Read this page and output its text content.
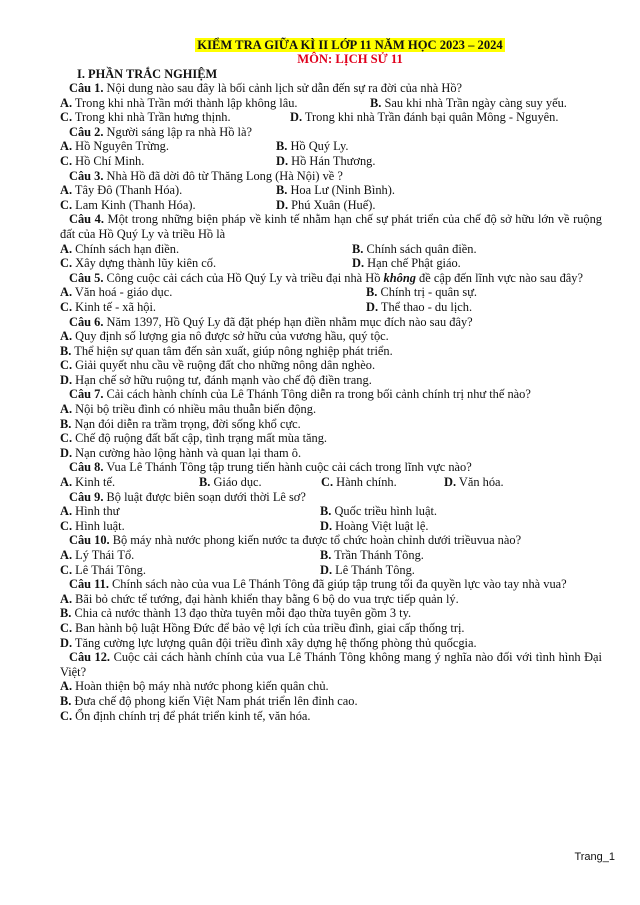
KIỂM TRA GIỮA KÌ II LỚP 11 NĂM HỌC 2023 – 2024
MÔN: LỊCH SỬ 11
I. PHẦN TRẮC NGHIỆM
Câu 1. Nội dung nào sau đây là bối cảnh lịch sử dẫn đến sự ra đời của nhà Hồ?
A. Trong khi nhà Trần mới thành lập không lâu.	B. Sau khi nhà Trần ngày càng suy yếu.
C. Trong khi nhà Trần hưng thịnh.	D. Trong khi nhà Trần đánh bại quân Mông - Nguyên.
Câu 2. Người sáng lập ra nhà Hồ là?
A. Hồ Nguyên Trừng.	B. Hồ Quý Ly.
C. Hồ Chí Minh.	D. Hồ Hán Thương.
Câu 3. Nhà Hồ đã dời đô từ Thăng Long (Hà Nội) về ?
A. Tây Đô (Thanh Hóa).	B. Hoa Lư (Ninh Bình).
C. Lam Kinh (Thanh Hóa).	D. Phú Xuân (Huế).
Câu 4. Một trong những biện pháp về kinh tế nhằm hạn chế sự phát triển của chế độ sở hữu lớn về ruộng đất của Hồ Quý Ly và triều Hồ là
A. Chính sách hạn điền.	B. Chính sách quân điền.
C. Xây dựng thành lũy kiên cố.	D. Hạn chế Phật giáo.
Câu 5. Công cuộc cải cách của Hồ Quý Ly và triều đại nhà Hồ không đề cập đến lĩnh vực nào sau đây?
A. Văn hoá - giáo dục.	B. Chính trị - quân sự.
C. Kinh tế - xã hội.	D. Thể thao - du lịch.
Câu 6. Năm 1397, Hồ Quý Ly đã đặt phép hạn điền nhằm mục đích nào sau đây?
A. Quy định số lượng gia nô được sở hữu của vương hầu, quý tộc.
B. Thể hiện sự quan tâm đến sản xuất, giúp nông nghiệp phát triển.
C. Giải quyết nhu cầu về ruộng đất cho những nông dân nghèo.
D. Hạn chế sở hữu ruộng tư, đánh mạnh vào chế độ điền trang.
Câu 7. Cải cách hành chính của Lê Thánh Tông diễn ra trong bối cảnh chính trị như thế nào?
A. Nội bộ triều đình có nhiều mâu thuẫn biến động.
B. Nạn đói diễn ra trầm trọng, đời sống khổ cực.
C. Chế độ ruộng đất bất cập, tình trạng mất mùa tăng.
D. Nạn cường hào lộng hành và quan lại tham ô.
Câu 8. Vua Lê Thánh Tông tập trung tiến hành cuộc cải cách trong lĩnh vực nào?
A. Kinh tế.	B. Giáo dục.	C. Hành chính.	D. Văn hóa.
Câu 9. Bộ luật được biên soạn dưới thời Lê sơ?
A. Hình thư	B. Quốc triều hình luật.
C. Hình luật.	D. Hoàng Việt luật lệ.
Câu 10. Bộ máy nhà nước phong kiến nước ta được tổ chức hoàn chỉnh dưới triềuvua nào?
A. Lý Thái Tổ.	B. Trần Thánh Tông.
C. Lê Thái Tông.	D. Lê Thánh Tông.
Câu 11. Chính sách nào của vua Lê Thánh Tông đã giúp tập trung tối đa quyền lực vào tay nhà vua?
A. Bãi bỏ chức tể tướng, đại hành khiển thay bằng 6 bộ do vua trực tiếp quản lý.
B. Chia cả nước thành 13 đạo thừa tuyên mỗi đạo thừa tuyên gồm 3 ty.
C. Ban hành bộ luật Hồng Đức để bảo vệ lợi ích của triều đình, giai cấp thống trị.
D. Tăng cường lực lượng quân đội triều đình xây dựng hệ thống phòng thủ quốcgia.
Câu 12. Cuộc cải cách hành chính của vua Lê Thánh Tông không mang ý nghĩa nào đối với tình hình Đại Việt?
A. Hoàn thiện bộ máy nhà nước phong kiến quân chủ.
B. Đưa chế độ phong kiến Việt Nam phát triển lên đỉnh cao.
C. Ổn định chính trị để phát triển kinh tế, văn hóa.
Trang_1
